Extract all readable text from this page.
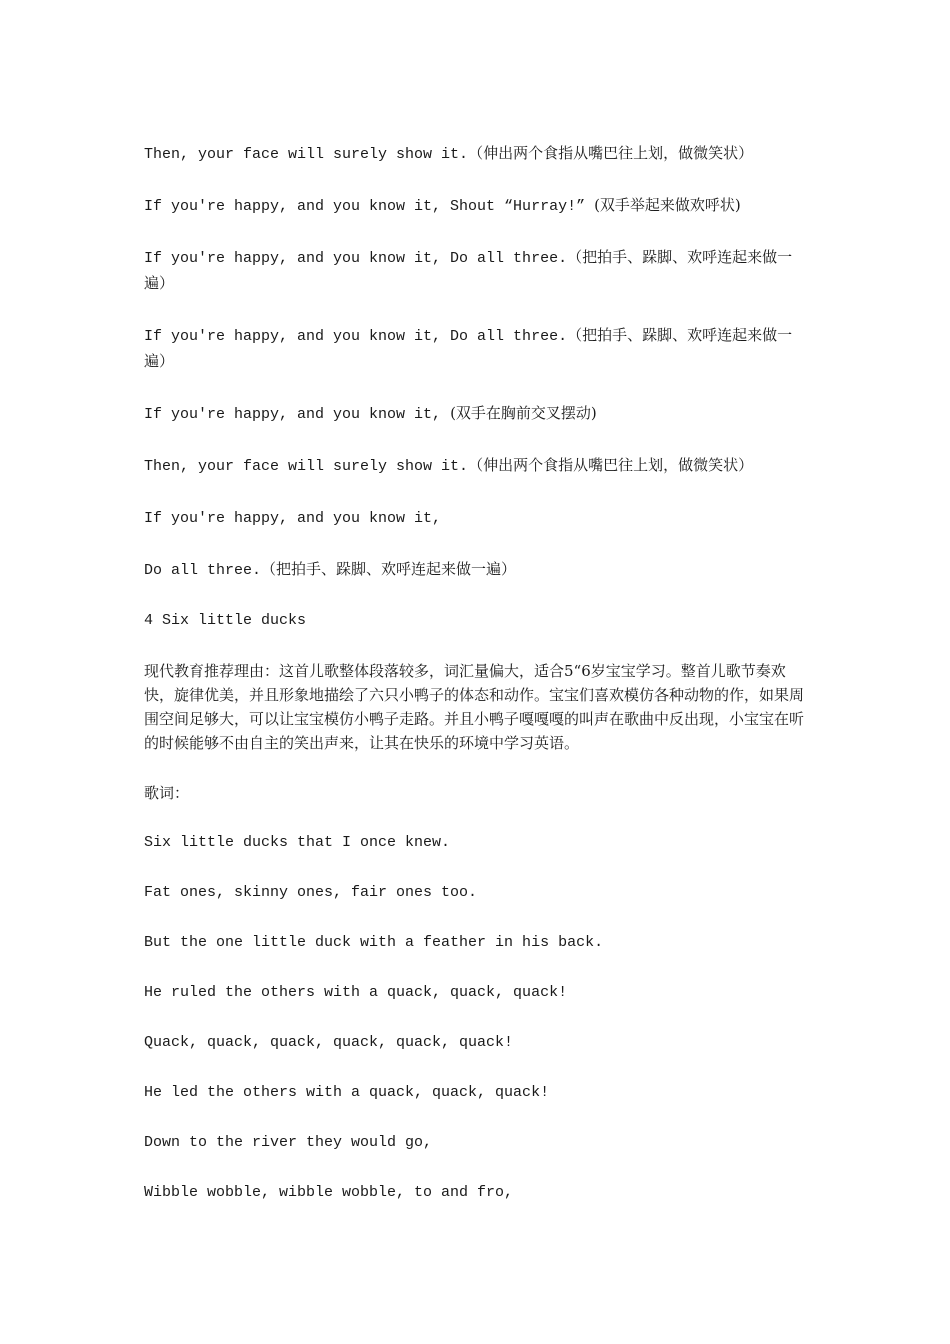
Then, your face will surely show it.（伸出两个食指从嘴巴往上划，做微笑状）

If you're happy, and you know it, Shout “Hurray!” (双手举起来做欢呼状)

If you're happy, and you know it, Do all three.（把拍手、跺脚、欢呼连起来做一遍）

If you're happy, and you know it, Do all three.（把拍手、跺脚、欢呼连起来做一遍）

If you're happy, and you know it, (双手在胸前交叉摆动)

Then, your face will surely show it.（伸出两个食指从嘴巴往上划，做微笑状）

If you're happy, and you know it,

Do all three.（把拍手、跺脚、欢呼连起来做一遍）

4 Six little ducks

现代教育推荐理由：这首儿歌整体段落较多，词汇量偏大，适合5“6岁宝宝学习。整首儿歌节奏欢快，旋律优美，并且形象地描绘了六只小鸭子的体态和动作。宝宝们喜欢模仿各种动物的作，如果周围空间足够大，可以让宝宝模仿小鸭子走路。并且小鸭子嘎嘎嘎的叫声在歌曲中反出现，小宝宝在听的时候能够不由自主的笑出声来，让其在快乐的环境中学习英语。

歌词：

Six little ducks that I once knew.

Fat ones, skinny ones, fair ones too.

But the one little duck with a feather in his back.

He ruled the others with a quack, quack, quack!

Quack, quack, quack, quack, quack, quack!

He led the others with a quack, quack, quack!

Down to the river they would go,

Wibble wobble, wibble wobble, to and fro,
